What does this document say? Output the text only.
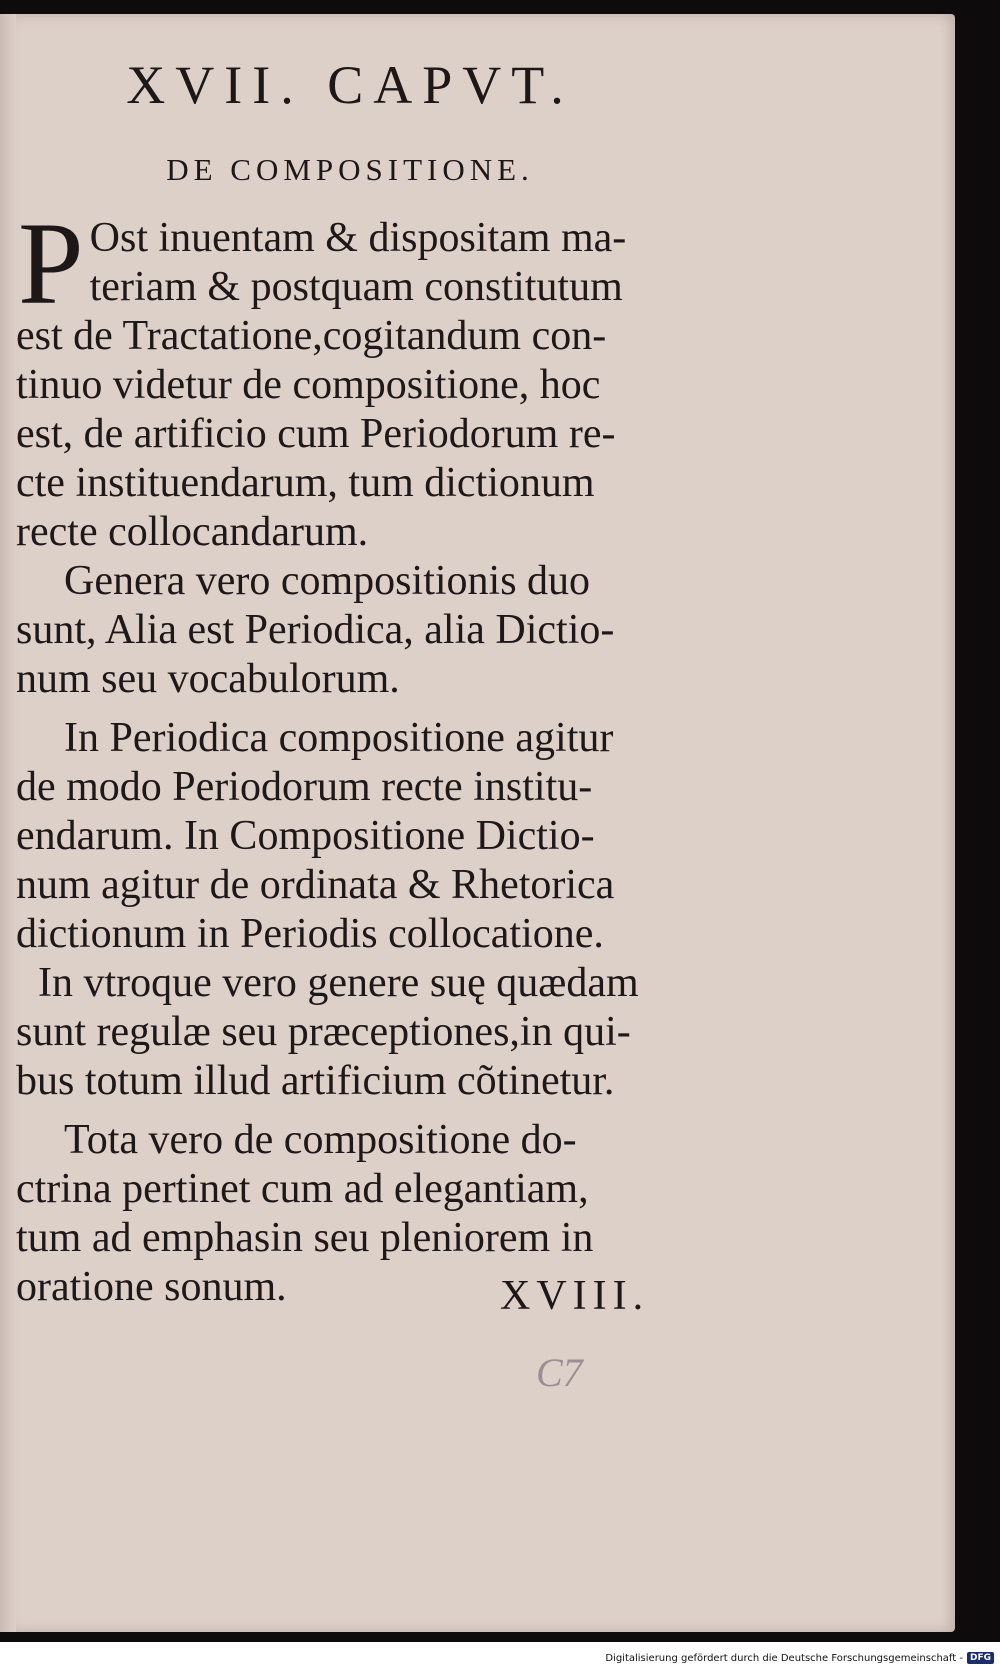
XVII. CAPVT.
DE COMPOSITIONE.
P Ost inuentam & dispositam ma-
teriam & postquam constitutum
est de Tractatione,cogitandum con-
tinuo videtur de compositione, hoc
est, de artificio cum Periodorum re-
cte instituendarum, tum dictionum
recte collocandarum.
Genera vero compositionis duo
sunt, Alia est Periodica, alia Dictio-
num seu vocabulorum.
In Periodica compositione agitur
de modo Periodorum recte institu-
endarum. In Compositione Dictio-
num agitur de ordinata & Rhetorica
dictionum in Periodis collocatione.
In vtroque vero genere suę quædam
sunt regulæ seu præceptiones,in qui-
bus totum illud artificium cõtinetur.
Tota vero de compositione do-
ctrina pertinet cum ad elegantiam,
tum ad emphasin seu pleniorem in
oratione sonum.	XVIII.
C7
Digitalisierung gefördert durch die Deutsche Forschungsgemeinschaft - DFG
